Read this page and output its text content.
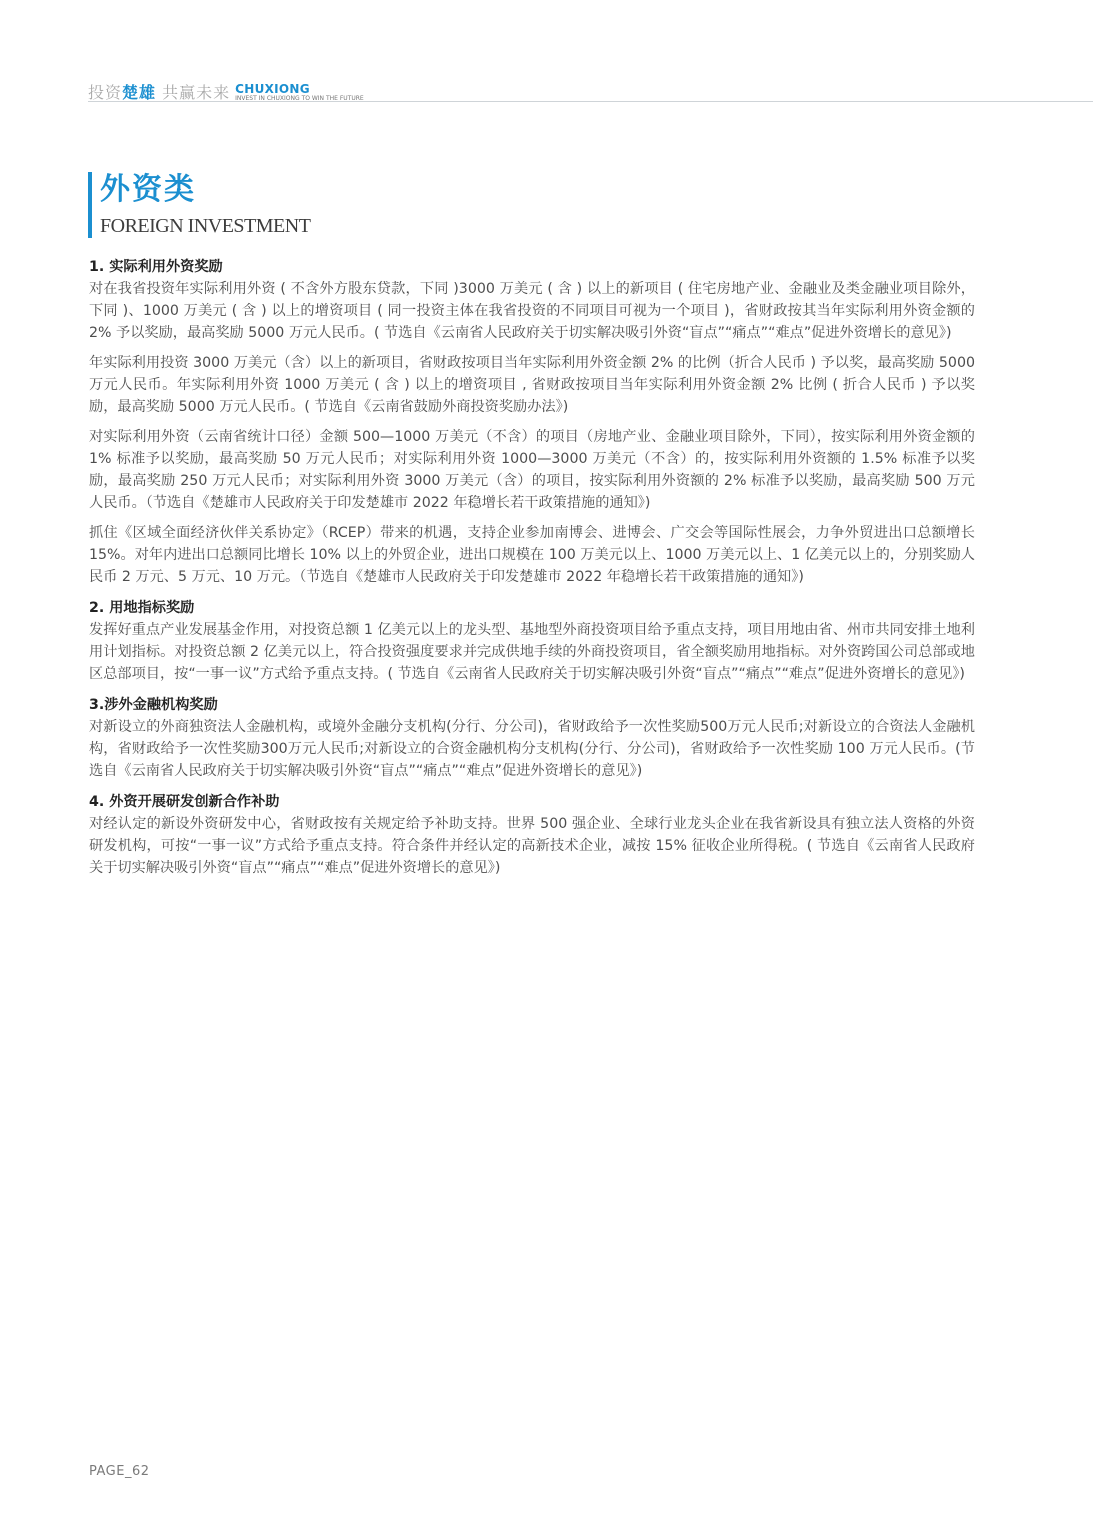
投资楚雄 共赢未来 CHUXIONG
INVEST IN CHUXIONG TO WIN THE FUTURE
外资类
FOREIGN INVESTMENT
1. 实际利用外资奖励

对在我省投资年实际利用外资 ( 不含外方股东贷款，下同 )3000 万美元 ( 含 ) 以上的新项目 ( 住宅房地产业、金融业及类金融业项目除外，下同 )、1000 万美元 ( 含 ) 以上的增资项目 ( 同一投资主体在我省投资的不同项目可视为一个项目 )，省财政按其当年实际利用外资金额的 2% 予以奖励，最高奖励 5000 万元人民币。( 节选自《云南省人民政府关于切实解决吸引外资“盲点”“痛点”“难点”促进外资增长的意见》)

年实际利用投资 3000 万美元（含）以上的新项目，省财政按项目当年实际利用外资金额 2% 的比例（折合人民币 ) 予以奖，最高奖励 5000 万元人民币。年实际利用外资 1000 万美元 ( 含 ) 以上的增资项目 , 省财政按项目当年实际利用外资金额 2% 比例 ( 折合人民币 ) 予以奖励，最高奖励 5000 万元人民币。( 节选自《云南省鼓励外商投资奖励办法》)

对实际利用外资（云南省统计口径）金额 500—1000 万美元（不含）的项目（房地产业、金融业项目除外，下同），按实际利用外资金额的 1% 标准予以奖励，最高奖励 50 万元人民币；对实际利用外资 1000—3000 万美元（不含）的，按实际利用外资额的 1.5% 标准予以奖励，最高奖励 250 万元人民币；对实际利用外资 3000 万美元（含）的项目，按实际利用外资额的 2% 标准予以奖励，最高奖励 500 万元人民币。（节选自《楚雄市人民政府关于印发楚雄市 2022 年稳增长若干政策措施的通知》)

抓住《区域全面经济伙伴关系协定》（RCEP）带来的机遇，支持企业参加南博会、进博会、广交会等国际性展会，力争外贸进出口总额增长 15%。对年内进出口总额同比增长 10% 以上的外贸企业，进出口规模在 100 万美元以上、1000 万美元以上、1 亿美元以上的，分别奖励人民币 2 万元、5 万元、10 万元。（节选自《楚雄市人民政府关于印发楚雄市 2022 年稳增长若干政策措施的通知》)

2. 用地指标奖励

发挥好重点产业发展基金作用，对投资总额 1 亿美元以上的龙头型、基地型外商投资项目给予重点支持，项目用地由省、州市共同安排土地利用计划指标。对投资总额 2 亿美元以上，符合投资强度要求并完成供地手续的外商投资项目，省全额奖励用地指标。对外资跨国公司总部或地区总部项目，按“一事一议”方式给予重点支持。( 节选自《云南省人民政府关于切实解决吸引外资“盲点”“痛点”“难点”促进外资增长的意见》)

3.涉外金融机构奖励

对新设立的外商独资法人金融机构，或境外金融分支机构(分行、分公司)，省财政给予一次性奖励500万元人民币;对新设立的合资法人金融机构，省财政给予一次性奖励300万元人民币;对新设立的合资金融机构分支机构(分行、分公司)，省财政给予一次性奖励 100 万元人民币。(节选自《云南省人民政府关于切实解决吸引外资“盲点”“痛点”“难点”促进外资增长的意见》)

4. 外资开展研发创新合作补助

对经认定的新设外资研发中心，省财政按有关规定给予补助支持。世界 500 强企业、全球行业龙头企业在我省新设具有独立法人资格的外资研发机构，可按“一事一议”方式给予重点支持。符合条件并经认定的高新技术企业，减按 15% 征收企业所得税。( 节选自《云南省人民政府关于切实解决吸引外资“盲点”“痛点”“难点”促进外资增长的意见》)

PAGE_62
